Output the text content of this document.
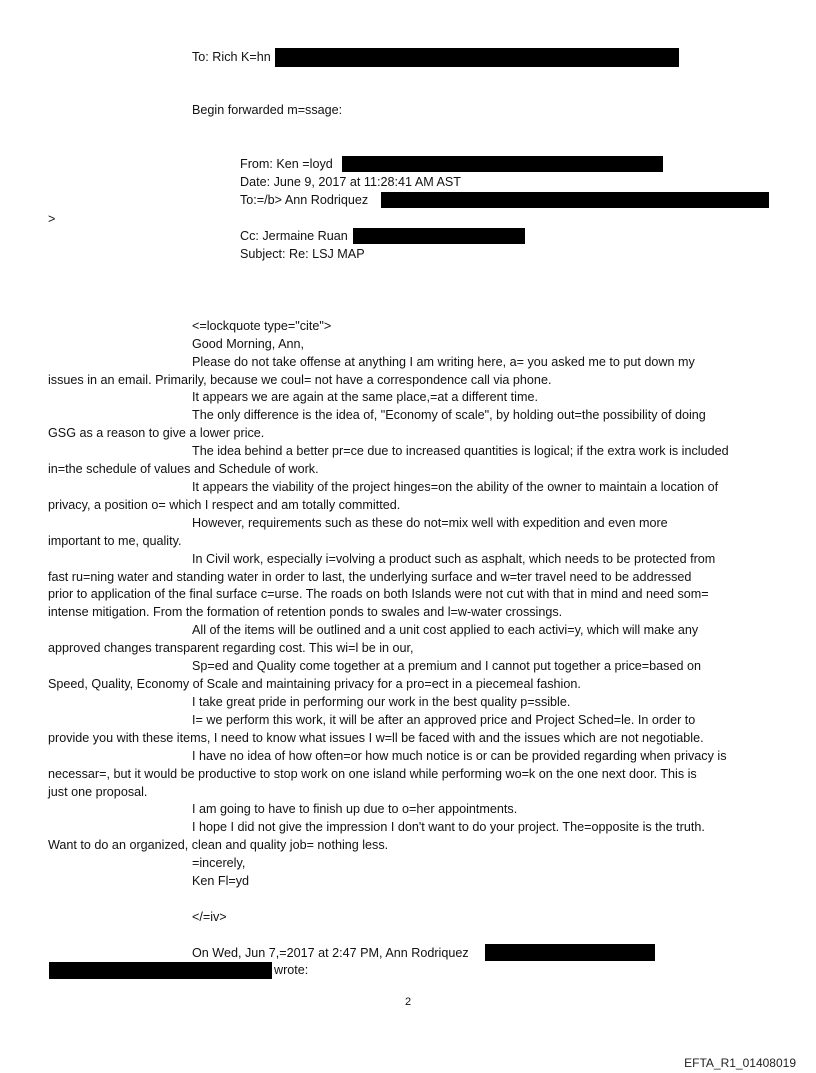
To: Rich K=hn
Begin forwarded m=ssage:
From: Ken =loyd
Date: June 9, 2017 at 11:28:41 AM AST
To:=/b> Ann Rodriquez
>
Cc: Jermaine Ruan
Subject: Re: LSJ MAP
<=lockquote type="cite">
Good Morning, Ann,
Please do not take offense at anything I am writing here, a= you asked me to put down my
issues in an email. Primarily, because we coul= not have a correspondence call via phone.
It appears we are again at the same place,=at a different time.
The only difference is the idea of, "Economy of scale", by holding out=the possibility of doing
GSG as a reason to give a lower price.
The idea behind a better pr=ce due to increased quantities is logical; if the extra work is included
in=the schedule of values and Schedule of work.
It appears the viability of the project hinges=on the ability of the owner to maintain a location of
privacy, a position o= which I respect and am totally committed.
However, requirements such as these do not=mix well with expedition and even more
important to me, quality.
In Civil work, especially i=volving a product such as asphalt, which needs to be protected from
fast ru=ning water and standing water in order to last, the underlying surface and w=ter travel need to be addressed
prior to application of the final surface c=urse. The roads on both Islands were not cut with that in mind and need som=
intense mitigation. From the formation of retention ponds to swales and l=w-water crossings.
All of the items will be outlined and a unit cost applied to each activi=y, which will make any
approved changes transparent regarding cost. This wi=l be in our,
Sp=ed and Quality come together at a premium and I cannot put together a price=based on
Speed, Quality, Economy of Scale and maintaining privacy for a pro=ect in a piecemeal fashion.
I take great pride in performing our work in the best quality p=ssible.
I= we perform this work, it will be after an approved price and Project Sched=le. In order to
provide you with these items, I need to know what issues I w=ll be faced with and the issues which are not negotiable.
I have no idea of how often=or how much notice is or can be provided regarding when privacy is
necessar=, but it would be productive to stop work on one island while performing wo=k on the one next door. This is
just one proposal.
I am going to have to finish up due to o=her appointments.
I hope I did not give the impression I don't want to do your project. The=opposite is the truth.
Want to do an organized, clean and quality job= nothing less.
=incerely,
Ken Fl=yd
</=iv>
On Wed, Jun 7,=2017 at 2:47 PM, Ann Rodriquez
wrote:
2
EFTA_R1_01408019
